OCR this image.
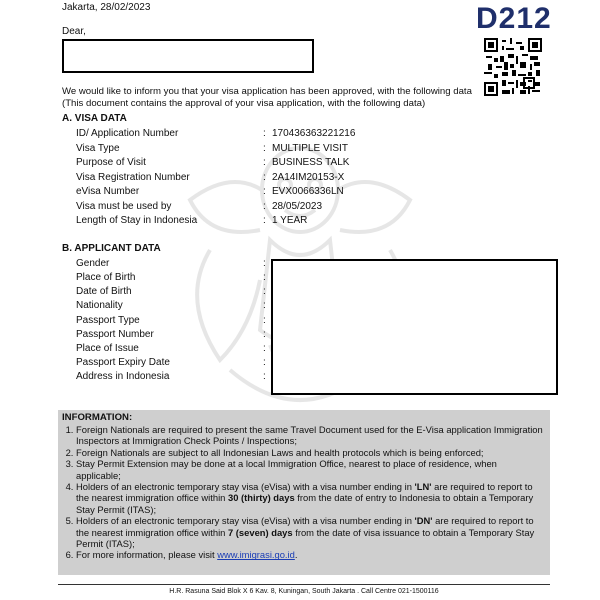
Jakarta, 28/02/2023	D212
Dear,
We would like to inform you that your visa application has been approved, with the following data
(This document contains the approval of your visa application, with the following data)
A. VISA DATA
ID/ Application Number	: 170436363221216
Visa Type	: MULTIPLE VISIT
Purpose of Visit	: BUSINESS TALK
Visa Registration Number	: 2A14IM20153-X
eVisa Number	: EVX0066336LN
Visa must be used by	: 28/05/2023
Length of Stay in Indonesia	: 1 YEAR
B. APPLICANT DATA
Gender	:
Place of Birth	:
Date of Birth	:
Nationality	:
Passport Type	:
Passport Number	:
Place of Issue	:
Passport Expiry Date	:
Address in Indonesia	:
INFORMATION:
1. Foreign Nationals are required to present the same Travel Document used for the E-Visa application Immigration Inspectors at Immigration Check Points / Inspections;
2. Foreign Nationals are subject to all Indonesian Laws and health protocols which is being enforced;
3. Stay Permit Extension may be done at a local Immigration Office, nearest to place of residence, when applicable;
4. Holders of an electronic temporary stay visa (eVisa) with a visa number ending in 'LN' are required to report to the nearest immigration office within 30 (thirty) days from the date of entry to Indonesia to obtain a Temporary Stay Permit (ITAS);
5. Holders of an electronic temporary stay visa (eVisa) with a visa number ending in 'DN' are required to report to the nearest immigration office within 7 (seven) days from the date of visa issuance to obtain a Temporary Stay Permit (ITAS);
6. For more information, please visit www.imigrasi.go.id.
H.R. Rasuna Said Blok X 6 Kav. 8, Kuningan, South Jakarta . Call Centre 021-1500116
